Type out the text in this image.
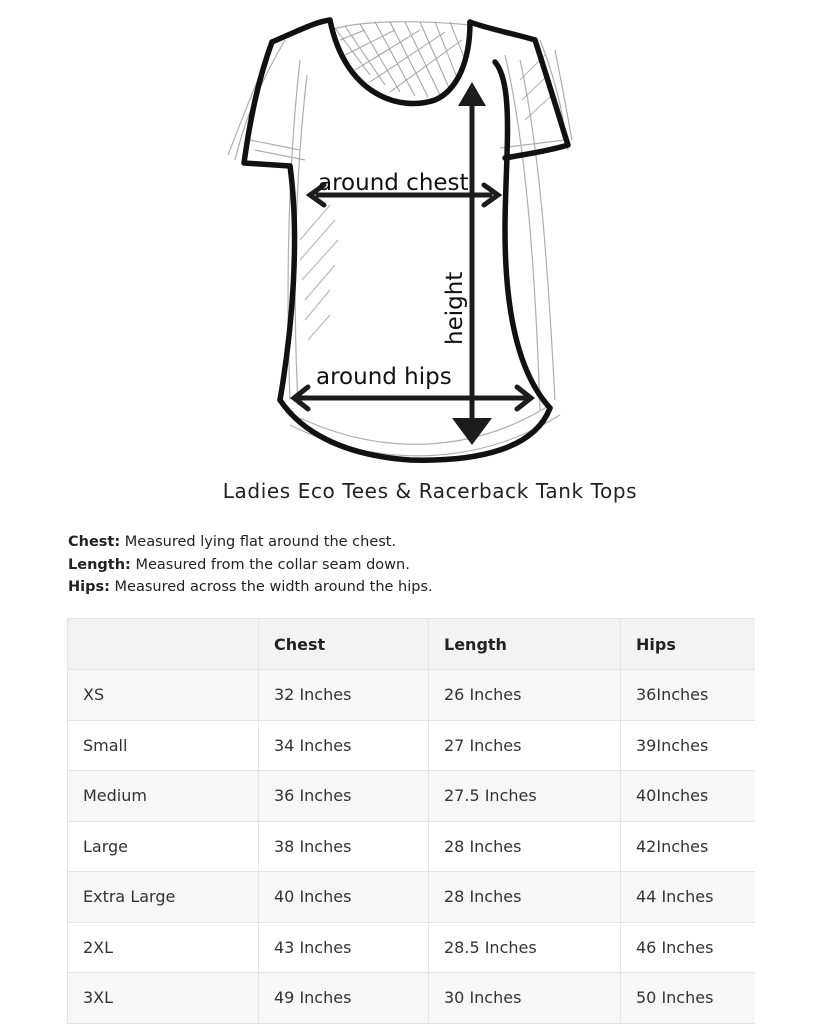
around chest
height
around hips
Ladies Eco Tees & Racerback Tank Tops
Chest: Measured lying flat around the chest.
Length: Measured from the collar seam down.
Hips: Measured across the width around the hips.
	Chest	Length	Hips
XS	32 Inches	26 Inches	36Inches
Small	34 Inches	27 Inches	39Inches
Medium	36 Inches	27.5 Inches	40Inches
Large	38 Inches	28 Inches	42Inches
Extra Large	40 Inches	28 Inches	44 Inches
2XL	43 Inches	28.5 Inches	46 Inches
3XL	49 Inches	30 Inches	50 Inches
